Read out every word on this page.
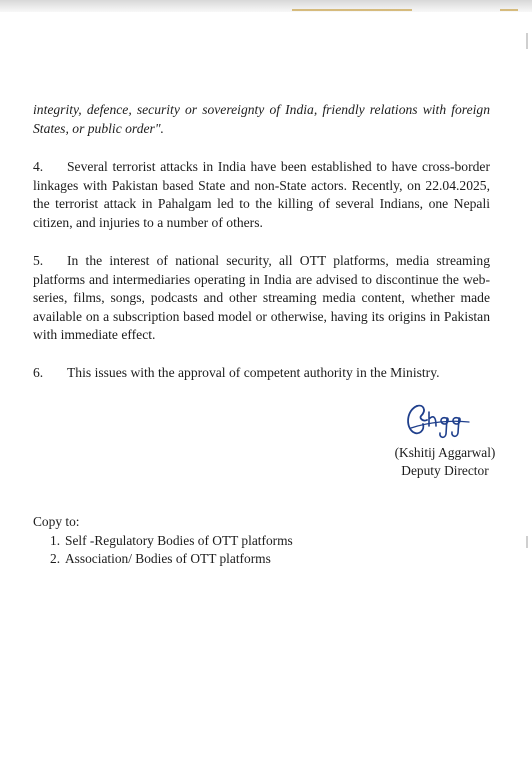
integrity, defence, security or sovereignty of India, friendly relations with foreign States, or public order".

4. Several terrorist attacks in India have been established to have cross-border linkages with Pakistan based State and non-State actors. Recently, on 22.04.2025, the terrorist attack in Pahalgam led to the killing of several Indians, one Nepali citizen, and injuries to a number of others.

5. In the interest of national security, all OTT platforms, media streaming platforms and intermediaries operating in India are advised to discontinue the web-series, films, songs, podcasts and other streaming media content, whether made available on a subscription based model or otherwise, having its origins in Pakistan with immediate effect.

6. This issues with the approval of competent authority in the Ministry.

(Kshitij Aggarwal)
Deputy Director

Copy to:

1. Self -Regulatory Bodies of OTT platforms
2. Association/ Bodies of OTT platforms
